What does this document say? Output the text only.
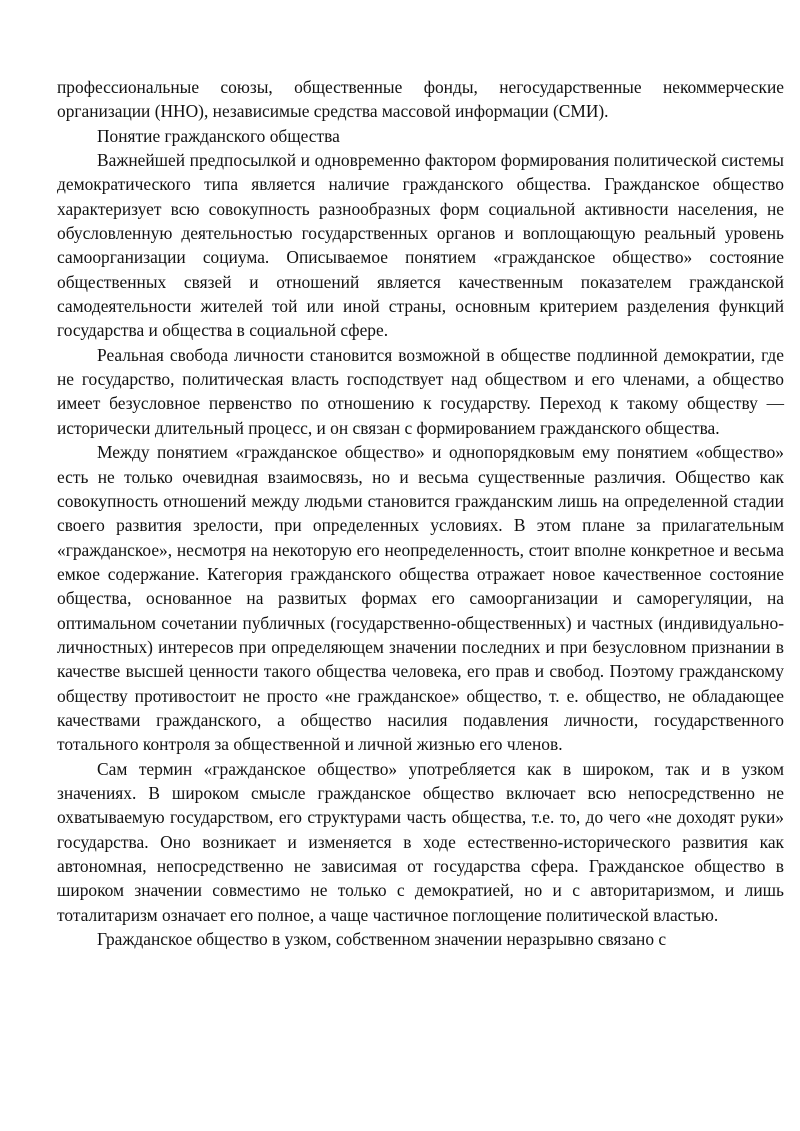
профессиональные союзы, общественные фонды, негосударственные некоммерческие организации (ННО), независимые средства массовой информации (СМИ).

Понятие гражданского общества

Важнейшей предпосылкой и одновременно фактором формирования политической системы демократического типа является наличие гражданского общества. Гражданское общество характеризует всю совокупность разнообразных форм социальной активности населения, не обусловленную деятельностью государственных органов и воплощающую реальный уровень самоорганизации социума. Описываемое понятием «гражданское общество» состояние общественных связей и отношений является качественным показателем гражданской самодеятельности жителей той или иной страны, основным критерием разделения функций государства и общества в социальной сфере.

Реальная свобода личности становится возможной в обществе подлинной демократии, где не государство, политическая власть господствует над обществом и его членами, а общество имеет безусловное первенство по отношению к государству. Переход к такому обществу — исторически длительный процесс, и он связан с формированием гражданского общества.

Между понятием «гражданское общество» и однопорядковым ему понятием «общество» есть не только очевидная взаимосвязь, но и весьма существенные различия. Общество как совокупность отношений между людьми становится гражданским лишь на определенной стадии своего развития зрелости, при определенных условиях. В этом плане за прилагательным «гражданское», несмотря на некоторую его неопределенность, стоит вполне конкретное и весьма емкое содержание. Категория гражданского общества отражает новое качественное состояние общества, основанное на развитых формах его самоорганизации и саморегуляции, на оптимальном сочетании публичных (государственно-общественных) и частных (индивидуально-личностных) интересов при определяющем значении последних и при безусловном признании в качестве высшей ценности такого общества человека, его прав и свобод. Поэтому гражданскому обществу противостоит не просто «не гражданское» общество, т. е. общество, не обладающее качествами гражданского, а общество насилия подавления личности, государственного тотального контроля за общественной и личной жизнью его членов.

Сам термин «гражданское общество» употребляется как в широком, так и в узком значениях. В широком смысле гражданское общество включает всю непосредственно не охватываемую государством, его структурами часть общества, т.е. то, до чего «не доходят руки» государства. Оно возникает и изменяется в ходе естественно-исторического развития как автономная, непосредственно не зависимая от государства сфера. Гражданское общество в широком значении совместимо не только с демократией, но и с авторитаризмом, и лишь тоталитаризм означает его полное, а чаще частичное поглощение политической властью.

Гражданское общество в узком, собственном значении неразрывно связано с
